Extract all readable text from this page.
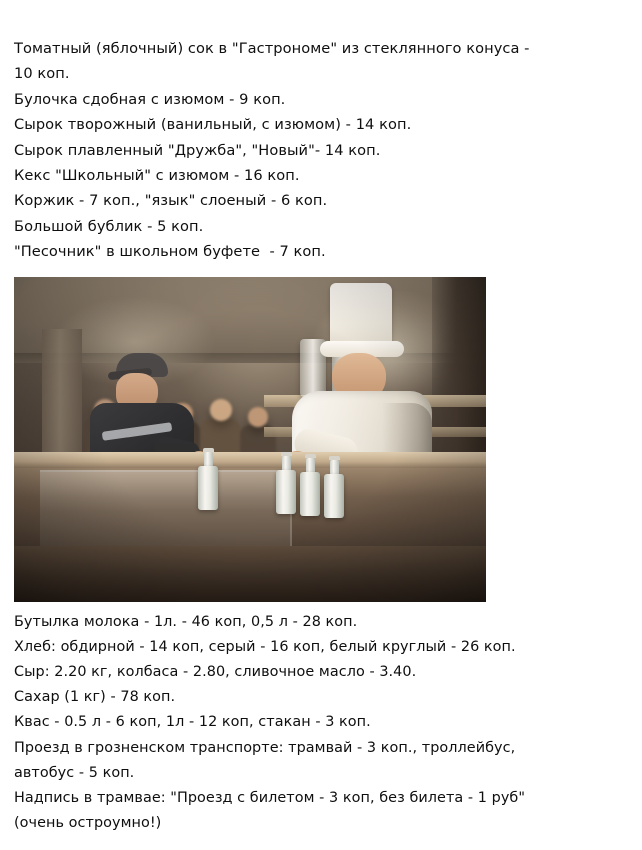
Томатный (яблочный) сок в "Гастрономе" из стеклянного конуса -
10 коп.
Булочка сдобная с изюмом - 9 коп.
Сырок творожный (ванильный, с изюмом) - 14 коп.
Сырок плавленный "Дружба", "Новый"- 14 коп.
Кекс "Школьный" с изюмом - 16 коп.
Коржик - 7 коп., "язык" слоеный - 6 коп.
Большой бублик - 5 коп.
"Песочник" в школьном буфете  - 7 коп.
Бутылка молока - 1л. - 46 коп, 0,5 л - 28 коп.
Хлеб: обдирной - 14 коп, серый - 16 коп, белый круглый - 26 коп.
Сыр: 2.20 кг, колбаса - 2.80, сливочное масло - 3.40.
Сахар (1 кг) - 78 коп.
Квас - 0.5 л - 6 коп, 1л - 12 коп, стакан - 3 коп.
Проезд в грозненском транспорте: трамвай - 3 коп., троллейбус,
автобус - 5 коп.
Надпись в трамвае: "Проезд с билетом - 3 коп, без билета - 1 руб"
(очень остроумно!)
